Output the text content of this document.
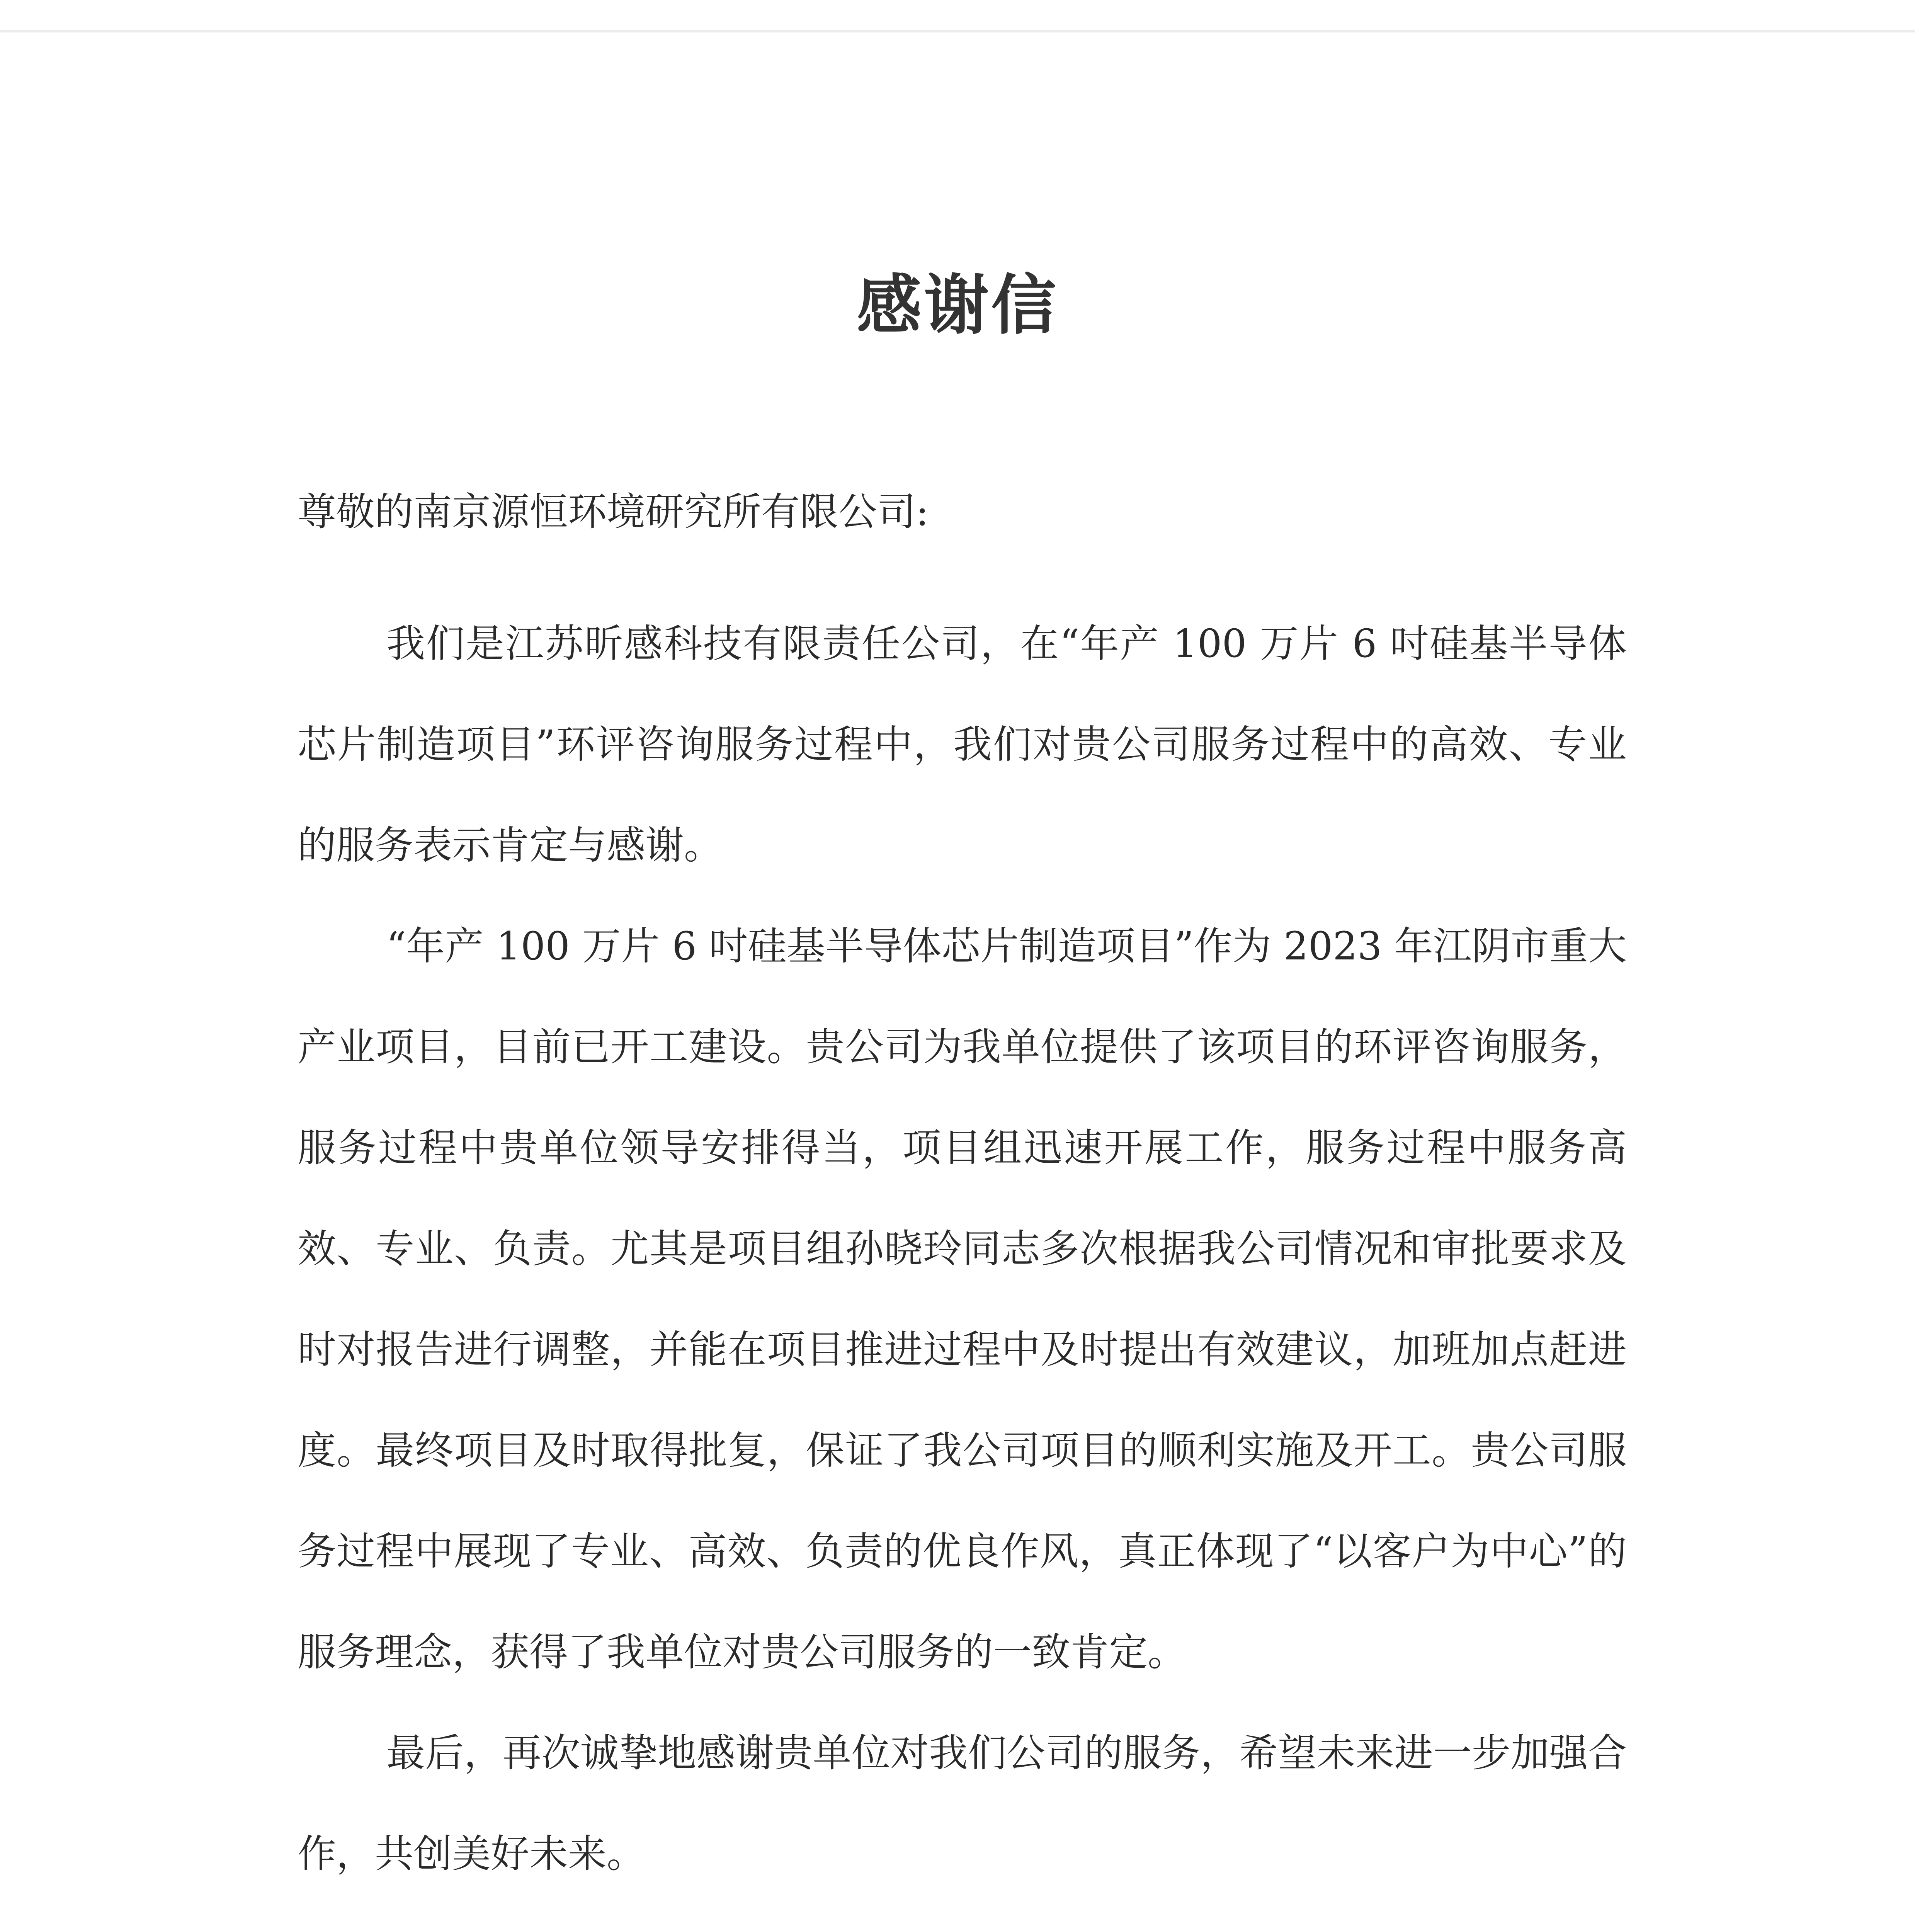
感谢信
尊敬的南京源恒环境研究所有限公司:

我们是江苏昕感科技有限责任公司，在“年产 100 万片 6 吋硅基半导体芯片制造项目”环评咨询服务过程中，我们对贵公司服务过程中的高效、专业的服务表示肯定与感谢。

“年产 100 万片 6 吋硅基半导体芯片制造项目”作为 2023 年江阴市重大产业项目，目前已开工建设。贵公司为我单位提供了该项目的环评咨询服务，服务过程中贵单位领导安排得当，项目组迅速开展工作，服务过程中服务高效、专业、负责。尤其是项目组孙晓玲同志多次根据我公司情况和审批要求及时对报告进行调整，并能在项目推进过程中及时提出有效建议，加班加点赶进度。最终项目及时取得批复，保证了我公司项目的顺利实施及开工。贵公司服务过程中展现了专业、高效、负责的优良作风，真正体现了“以客户为中心”的服务理念，获得了我单位对贵公司服务的一致肯定。

最后，再次诚挚地感谢贵单位对我们公司的服务，希望未来进一步加强合作，共创美好未来。
